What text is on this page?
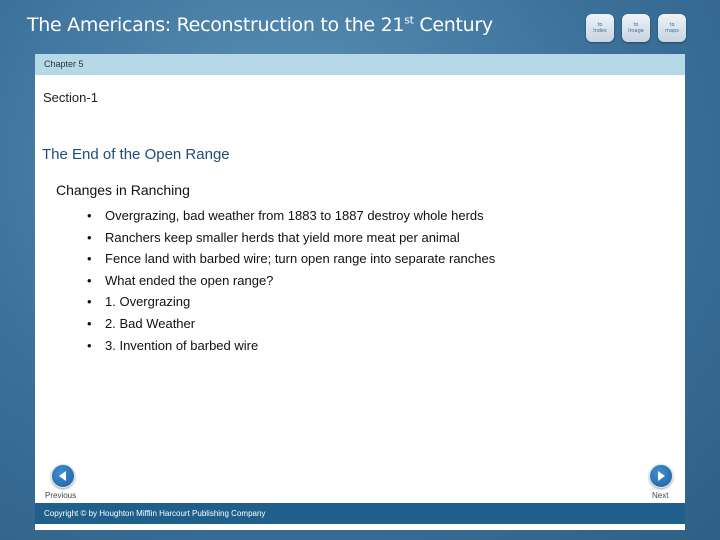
The Americans: Reconstruction to the 21st Century	to
Index
to
Image
to
maps
Chapter 5
Section-1
The End of the Open Range
Changes in Ranching
• Overgrazing, bad weather from 1883 to 1887 destroy whole herds
• Ranchers keep smaller herds that yield more meat per animal
• Fence land with barbed wire; turn open range into separate ranches
• What ended the open range?
• 1. Overgrazing
• 2. Bad Weather
• 3. Invention of barbed wire
Previous	Next
Copyright © by Houghton Mifflin Harcourt Publishing Company
